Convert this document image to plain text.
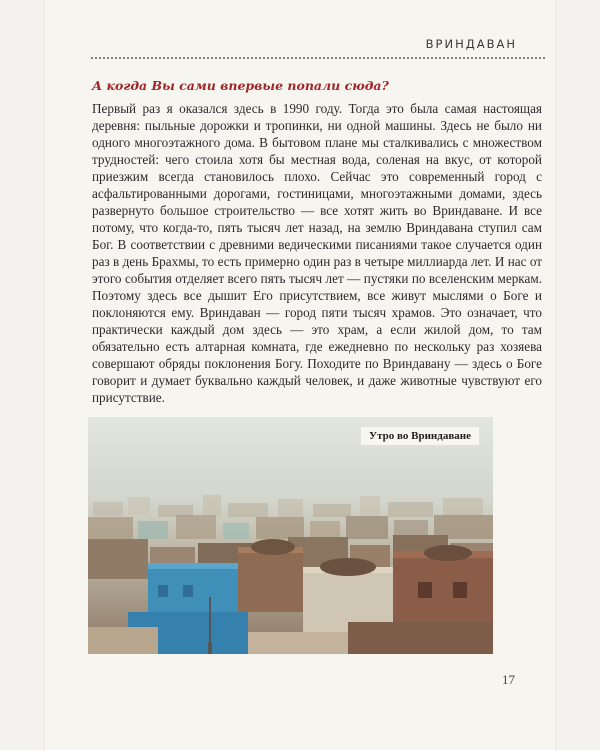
ВРИНДАВАН
А когда Вы сами впервые попали сюда?
Первый раз я оказался здесь в 1990 году. Тогда это была самая настоящая деревня: пыльные дорожки и тропинки, ни одной машины. Здесь не было ни одного многоэтажного дома. В бытовом плане мы сталкивались с множеством трудностей: чего стоила хотя бы местная вода, соленая на вкус, от которой приезжим всегда становилось плохо. Сейчас это современный город с асфальтированными дорогами, гостиницами, многоэтажными домами, здесь развернуто большое строительство — все хотят жить во Вриндаване. И все потому, что когда-то, пять тысяч лет назад, на землю Вриндавана ступил сам Бог. В соответствии с древними ведическими писаниями такое случается один раз в день Брахмы, то есть примерно один раз в четыре миллиарда лет. И нас от этого события отделяет всего пять тысяч лет — пустяки по вселенским меркам. Поэтому здесь все дышит Его присутствием, все живут мыслями о Боге и поклоняются ему. Вриндаван — город пяти тысяч храмов. Это означает, что практически каждый дом здесь — это храм, а если жилой дом, то там обязательно есть алтарная комната, где ежедневно по нескольку раз хозяева совершают обряды поклонения Богу. Походите по Вриндавану — здесь о Боге говорит и думает буквально каждый человек, и даже животные чувствуют его присутствие.
17
Утро во Вриндаване
